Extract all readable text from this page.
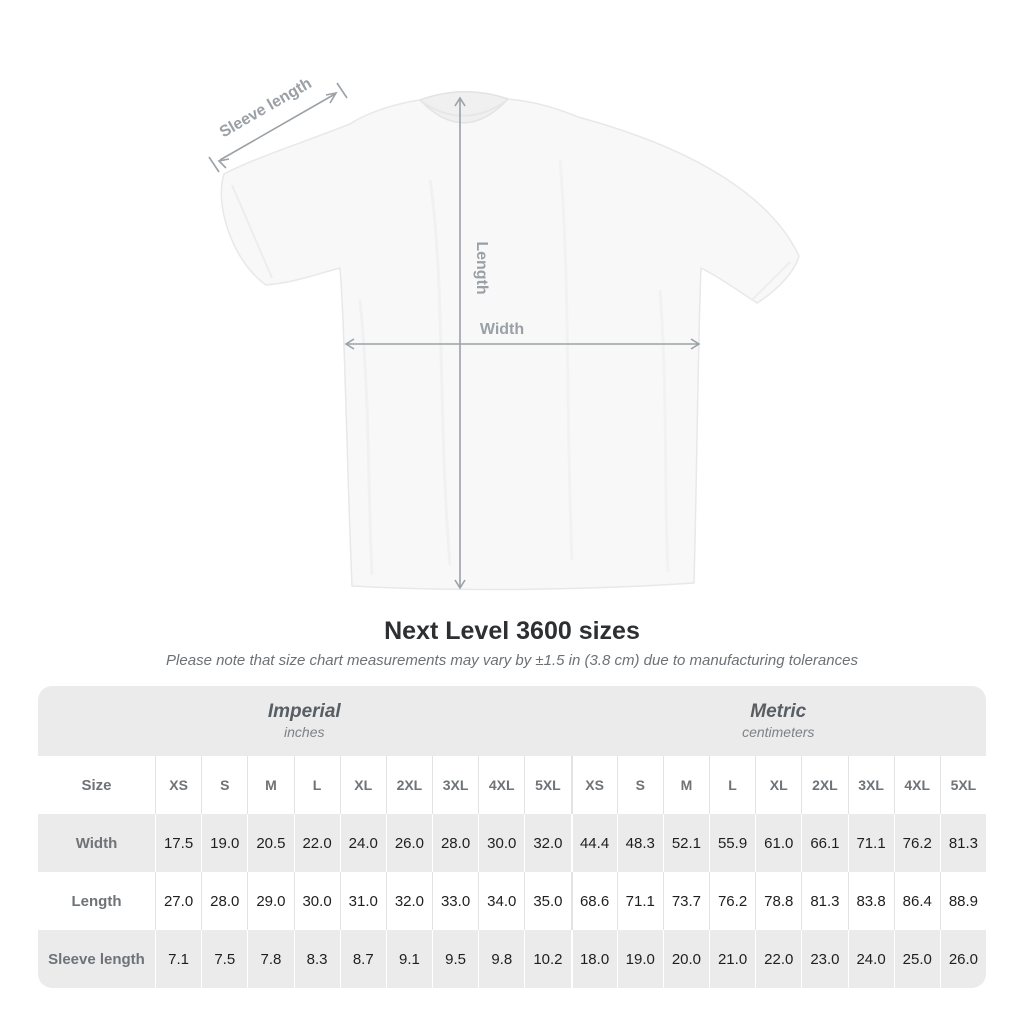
Length
Width
Sleeve length
Next Level 3600 sizes

Please note that size chart measurements may vary by ±1.5 in (3.8 cm) due to manufacturing tolerances

Imperial
inches
Metric
centimeters
Size	XS	S	M	L	XL	2XL	3XL	4XL	5XL	XS	S	M	L	XL	2XL	3XL	4XL	5XL
Width	17.5	19.0	20.5	22.0	24.0	26.0	28.0	30.0	32.0	44.4	48.3	52.1	55.9	61.0	66.1	71.1	76.2	81.3
Length	27.0	28.0	29.0	30.0	31.0	32.0	33.0	34.0	35.0	68.6	71.1	73.7	76.2	78.8	81.3	83.8	86.4	88.9
Sleeve length	7.1	7.5	7.8	8.3	8.7	9.1	9.5	9.8	10.2	18.0	19.0	20.0	21.0	22.0	23.0	24.0	25.0	26.0
